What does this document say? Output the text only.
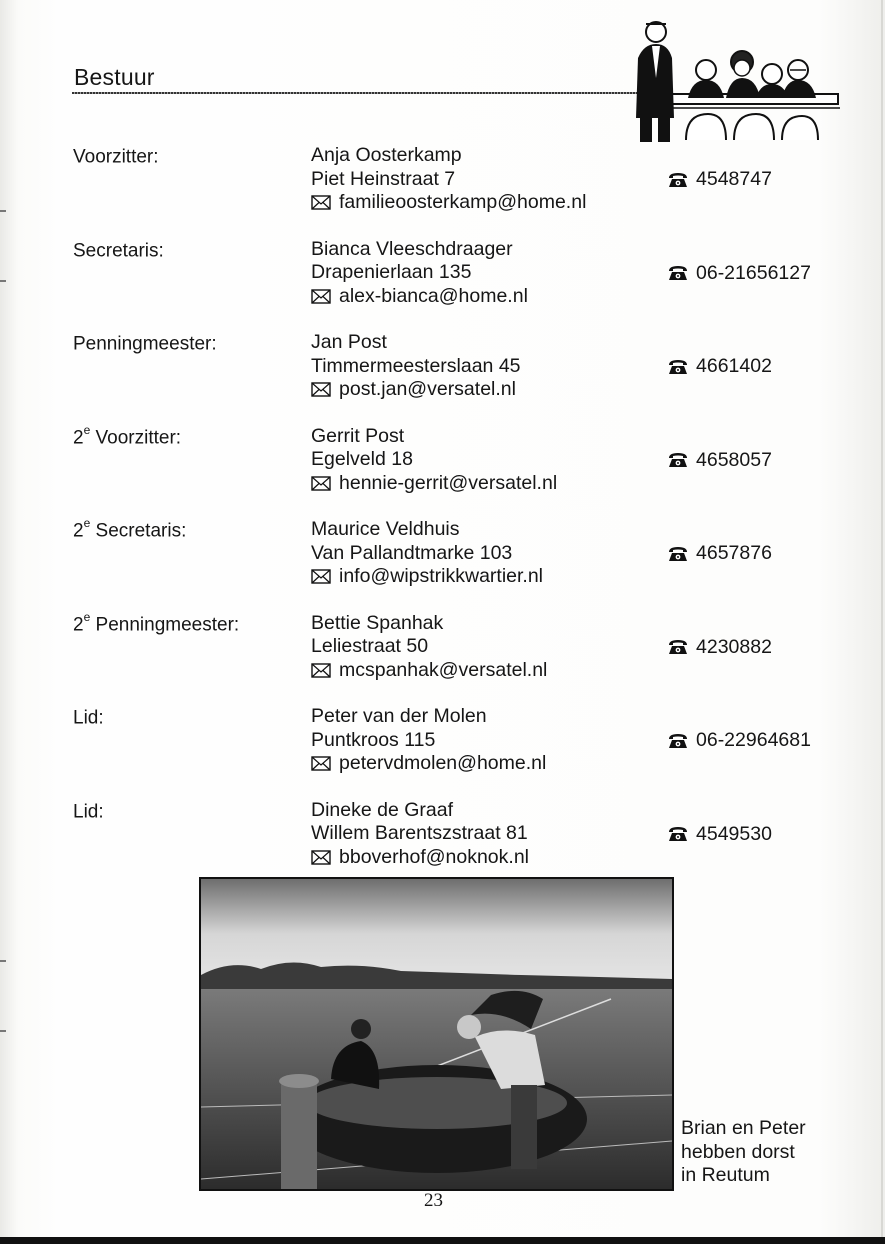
Bestuur
Voorzitter:	Anja Oosterkamp
Piet Heinstraat 7
familieoosterkamp@home.nl
4548747
Secretaris:	Bianca Vleeschdraager
Drapenierlaan 135
alex-bianca@home.nl
06-21656127
Penningmeester:	Jan Post
Timmermeesterslaan 45
post.jan@versatel.nl
4661402
2e Voorzitter:	Gerrit Post
Egelveld 18
hennie-gerrit@versatel.nl
4658057
2e Secretaris:	Maurice Veldhuis
Van Pallandtmarke 103
info@wipstrikkwartier.nl
4657876
2e Penningmeester:	Bettie Spanhak
Leliestraat 50
mcspanhak@versatel.nl
4230882
Lid:	Peter van der Molen
Puntkroos 115
petervdmolen@home.nl
06-22964681
Lid:	Dineke de Graaf
Willem Barentszstraat 81
bboverhof@noknok.nl
4549530
Brian en Peter
hebben dorst
in Reutum
23
